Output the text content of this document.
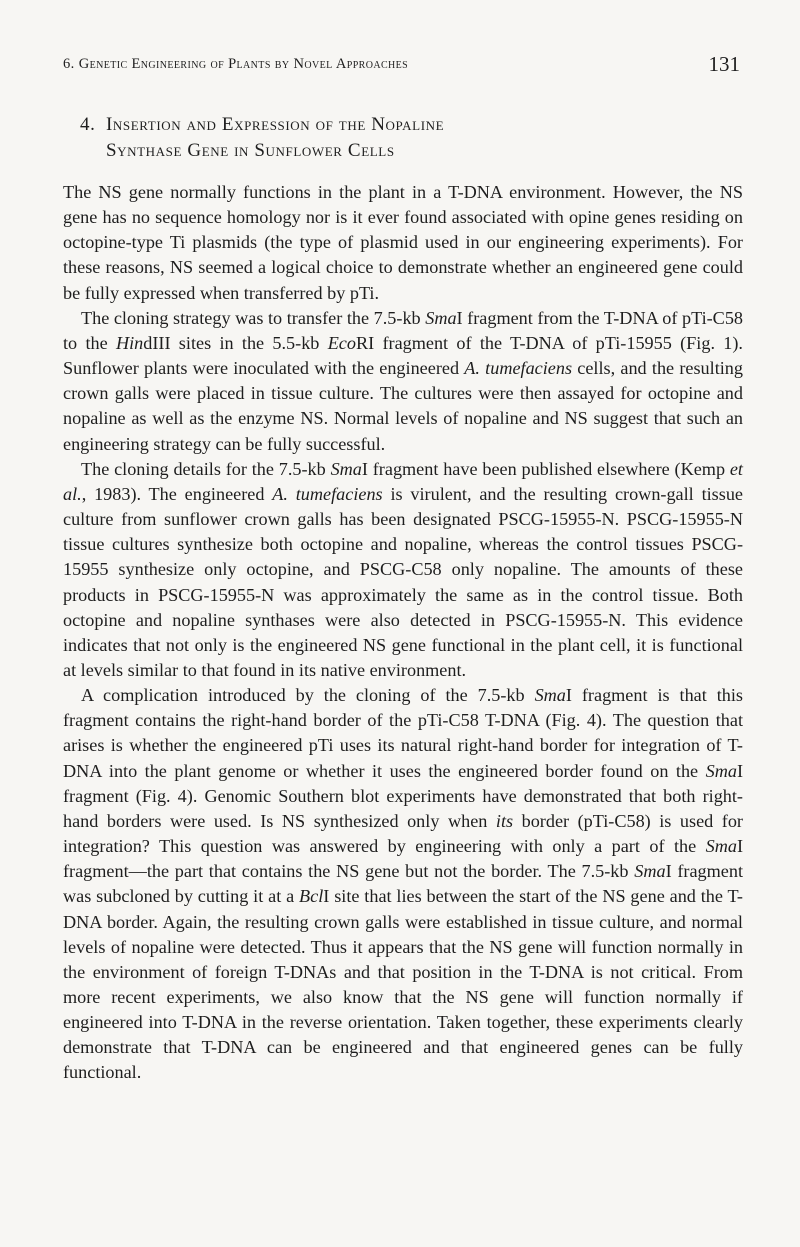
6. Genetic Engineering of Plants by Novel Approaches	131
4. Insertion and Expression of the Nopaline
Synthase Gene in Sunflower Cells

The NS gene normally functions in the plant in a T-DNA environment. However, the NS gene has no sequence homology nor is it ever found associated with opine genes residing on octopine-type Ti plasmids (the type of plasmid used in our engineering experiments). For these reasons, NS seemed a logical choice to demonstrate whether an engineered gene could be fully expressed when transferred by pTi.

The cloning strategy was to transfer the 7.5-kb SmaI fragment from the T-DNA of pTi-C58 to the HindIII sites in the 5.5-kb EcoRI fragment of the T-DNA of pTi-15955 (Fig. 1). Sunflower plants were inoculated with the engineered A. tumefaciens cells, and the resulting crown galls were placed in tissue culture. The cultures were then assayed for octopine and nopaline as well as the enzyme NS. Normal levels of nopaline and NS suggest that such an engineering strategy can be fully successful.

The cloning details for the 7.5-kb SmaI fragment have been published elsewhere (Kemp et al., 1983). The engineered A. tumefaciens is virulent, and the resulting crown-gall tissue culture from sunflower crown galls has been designated PSCG-15955-N. PSCG-15955-N tissue cultures synthesize both octopine and nopaline, whereas the control tissues PSCG-15955 synthesize only octopine, and PSCG-C58 only nopaline. The amounts of these products in PSCG-15955-N was approximately the same as in the control tissue. Both octopine and nopaline synthases were also detected in PSCG-15955-N. This evidence indicates that not only is the engineered NS gene functional in the plant cell, it is functional at levels similar to that found in its native environment.

A complication introduced by the cloning of the 7.5-kb SmaI fragment is that this fragment contains the right-hand border of the pTi-C58 T-DNA (Fig. 4). The question that arises is whether the engineered pTi uses its natural right-hand border for integration of T-DNA into the plant genome or whether it uses the engineered border found on the SmaI fragment (Fig. 4). Genomic Southern blot experiments have demonstrated that both right-hand borders were used. Is NS synthesized only when its border (pTi-C58) is used for integration? This question was answered by engineering with only a part of the SmaI fragment—the part that contains the NS gene but not the border. The 7.5-kb SmaI fragment was subcloned by cutting it at a BclI site that lies between the start of the NS gene and the T-DNA border. Again, the resulting crown galls were established in tissue culture, and normal levels of nopaline were detected. Thus it appears that the NS gene will function normally in the environment of foreign T-DNAs and that position in the T-DNA is not critical. From more recent experiments, we also know that the NS gene will function normally if engineered into T-DNA in the reverse orientation. Taken together, these experiments clearly demonstrate that T-DNA can be engineered and that engineered genes can be fully functional.
